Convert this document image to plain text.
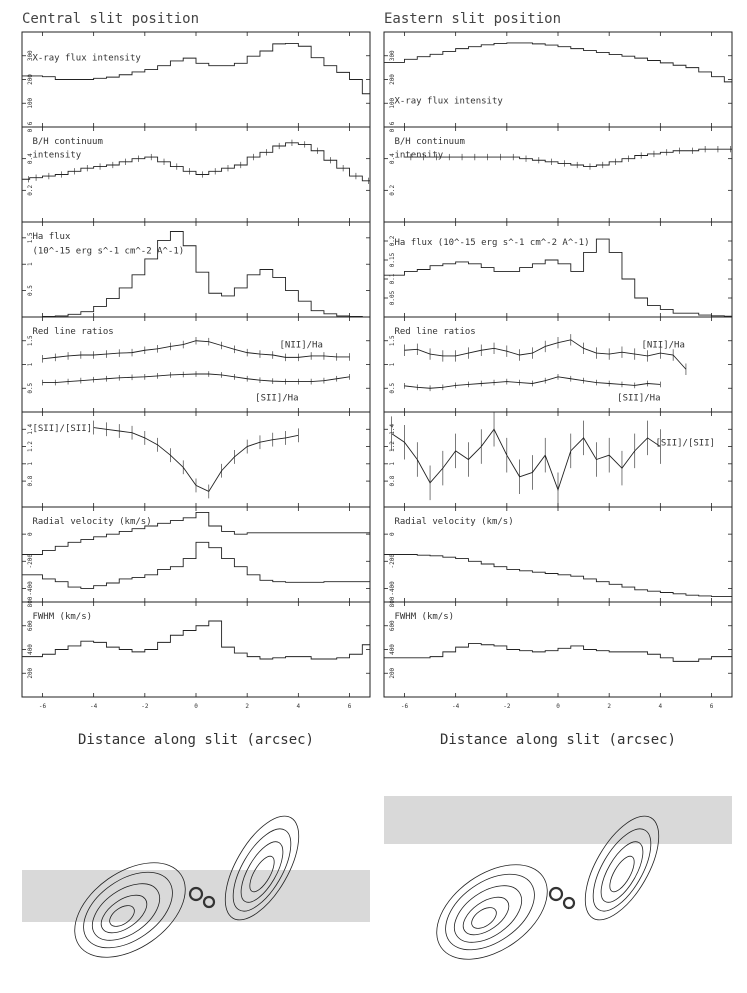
Central slit position	Eastern slit position
100
200
300
X-ray flux intensity
0.2
0.4
0.6
B/H continuum
intensity
0.5
1
1.5
Ha flux
(10^-15 erg s^-1 cm^-2 A^-1)
0.5
1
1.5
Red line ratios
[NII]/Ha
[SII]/Ha
0.8
1
1.2
1.4
[SII]/[SII]
-400
-200
0
Radial velocity (km/s)
200
400
600
800
-6	-4	-2	0	2	4	6
FWHM (km/s)
100
200
300
X-ray flux intensity
0.2
0.4
0.6
B/H continuum
intensity
0.05
0.1
0.15
0.2
Ha flux (10^-15 erg s^-1 cm^-2 A^-1)
0.5
1
1.5
Red line ratios
[NII]/Ha
[SII]/Ha
0.8
1
1.2
1.4
[SII]/[SII]
-400
-200
0
Radial velocity (km/s)
200
400
600
800
-6	-4	-2	0	2	4	6
FWHM (km/s)
Distance along slit (arcsec)	Distance along slit (arcsec)
